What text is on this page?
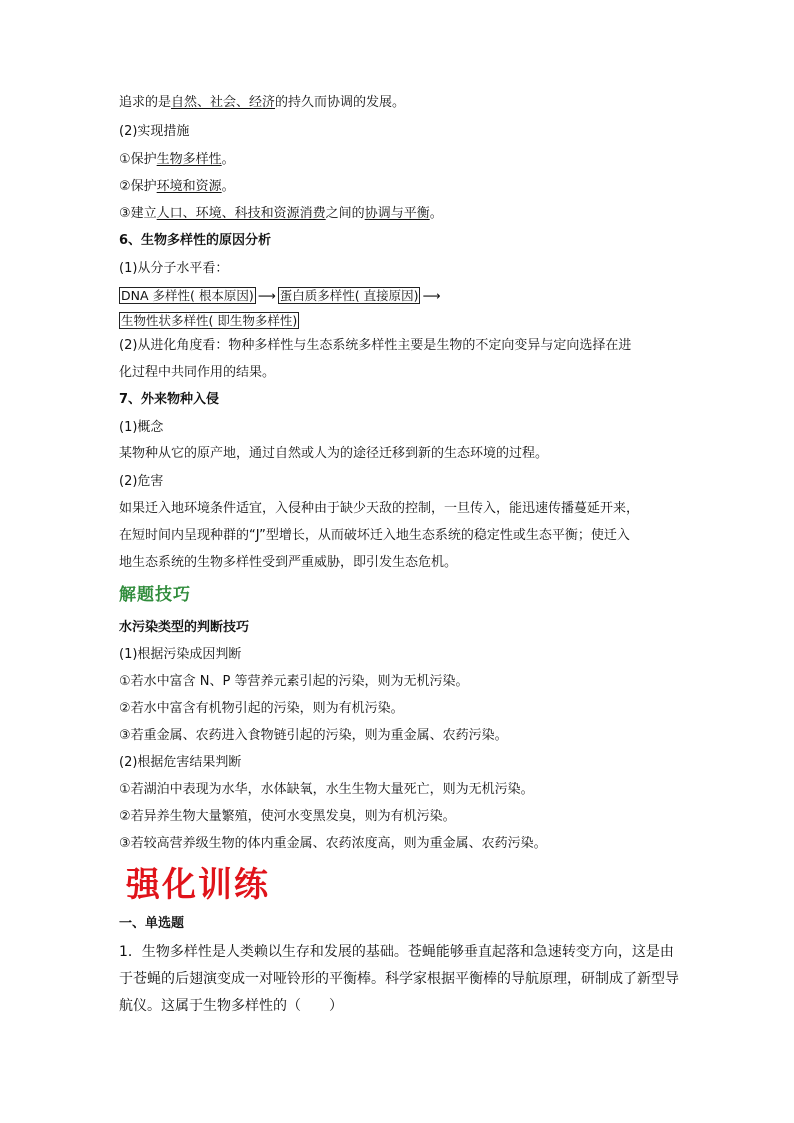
追求的是自然、社会、经济的持久而协调的发展。
(2)实现措施
①保护生物多样性。
②保护环境和资源。
③建立人口、环境、科技和资源消费之间的协调与平衡。
6、生物多样性的原因分析
(1)从分子水平看：
DNA 多样性( 根本原因) ⟶ 蛋白质多样性( 直接原因) ⟶
生物性状多样性( 即生物多样性)
(2)从进化角度看：物种多样性与生态系统多样性主要是生物的不定向变异与定向选择在进
化过程中共同作用的结果。
7、外来物种入侵
(1)概念
某物种从它的原产地，通过自然或人为的途径迁移到新的生态环境的过程。
(2)危害
如果迁入地环境条件适宜，入侵种由于缺少天敌的控制，一旦传入，能迅速传播蔓延开来，
在短时间内呈现种群的“J”型增长，从而破坏迁入地生态系统的稳定性或生态平衡；使迁入
地生态系统的生物多样性受到严重威胁，即引发生态危机。
解题技巧
水污染类型的判断技巧
(1)根据污染成因判断
①若水中富含 N、P 等营养元素引起的污染，则为无机污染。
②若水中富含有机物引起的污染，则为有机污染。
③若重金属、农药进入食物链引起的污染，则为重金属、农药污染。
(2)根据危害结果判断
①若湖泊中表现为水华，水体缺氧，水生生物大量死亡，则为无机污染。
②若异养生物大量繁殖，使河水变黑发臭，则为有机污染。
③若较高营养级生物的体内重金属、农药浓度高，则为重金属、农药污染。
强化训练
一、单选题
1．生物多样性是人类赖以生存和发展的基础。苍蝇能够垂直起落和急速转变方向，这是由
于苍蝇的后翅演变成一对哑铃形的平衡棒。科学家根据平衡棒的导航原理，研制成了新型导
航仪。这属于生物多样性的（　　）
